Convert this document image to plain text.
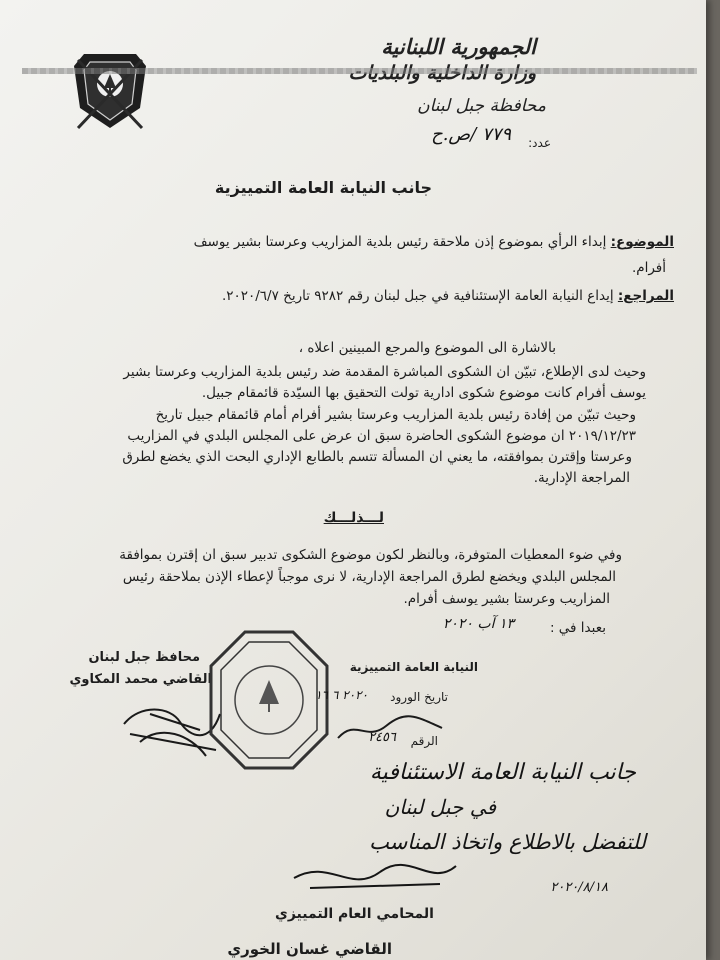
الجمهورية اللبنانية
محافظة جبل لبنان
عدد:
٧٧٩ /ص.ح
جانب النيابة العامة التمييزية
الموضوع: إبداء الرأي بموضوع إذن ملاحقة رئيس بلدية المزاريب وعرستا بشير يوسف
أفرام.
المراجع: إيداع النيابة العامة الإستئنافية في جبل لبنان رقم ٩٢٨٢ تاريخ ٢٠٢٠/٦/٧.
بالاشارة الى الموضوع والمرجع المبينين اعلاه ،
وحيث لدى الإطلاع، تبيّن ان الشكوى المباشرة المقدمة ضد رئيس بلدية المزاريب وعرستا بشير
يوسف أفرام كانت موضوع شكوى ادارية تولت التحقيق بها السيّدة قائمقام جبيل.
وحيث تبيّن من إفادة رئيس بلدية المزاريب وعرستا بشير أفرام أمام قائمقام جبيل تاريخ
٢٠١٩/١٢/٢٣ ان موضوع الشكوى الحاضرة سبق ان عرض على المجلس البلدي في المزاريب
وعرستا وإقترن بموافقته، ما يعني ان المسألة تتسم بالطابع الإداري البحت الذي يخضع لطرق
المراجعة الإدارية.
لـــذلـــك
وفي ضوء المعطيات المتوفرة، وبالنظر لكون موضوع الشكوى تدبير سبق ان إقترن بموافقة
المجلس البلدي ويخضع لطرق المراجعة الإدارية، لا نرى موجباً لإعطاء الإذن بملاحقة رئيس
المزاريب وعرستا بشير يوسف أفرام.
بعبدا في :
١٣ آب ٢٠٢٠
محافظ جبل لبنان
القاضي محمد المكاوي
النيابة العامة التمييزية
تاريخ الورود
٢٠٢٠ ٦ ١٦
الرقم
٢٤٥٦
جانب النيابة العامة الاستئنافية
في جبل لبنان
للتفضل بالاطلاع واتخاذ المناسب
٢٠٢٠/٨/١٨
المحامي العام التمييزي
القاضي غسان الخوري
